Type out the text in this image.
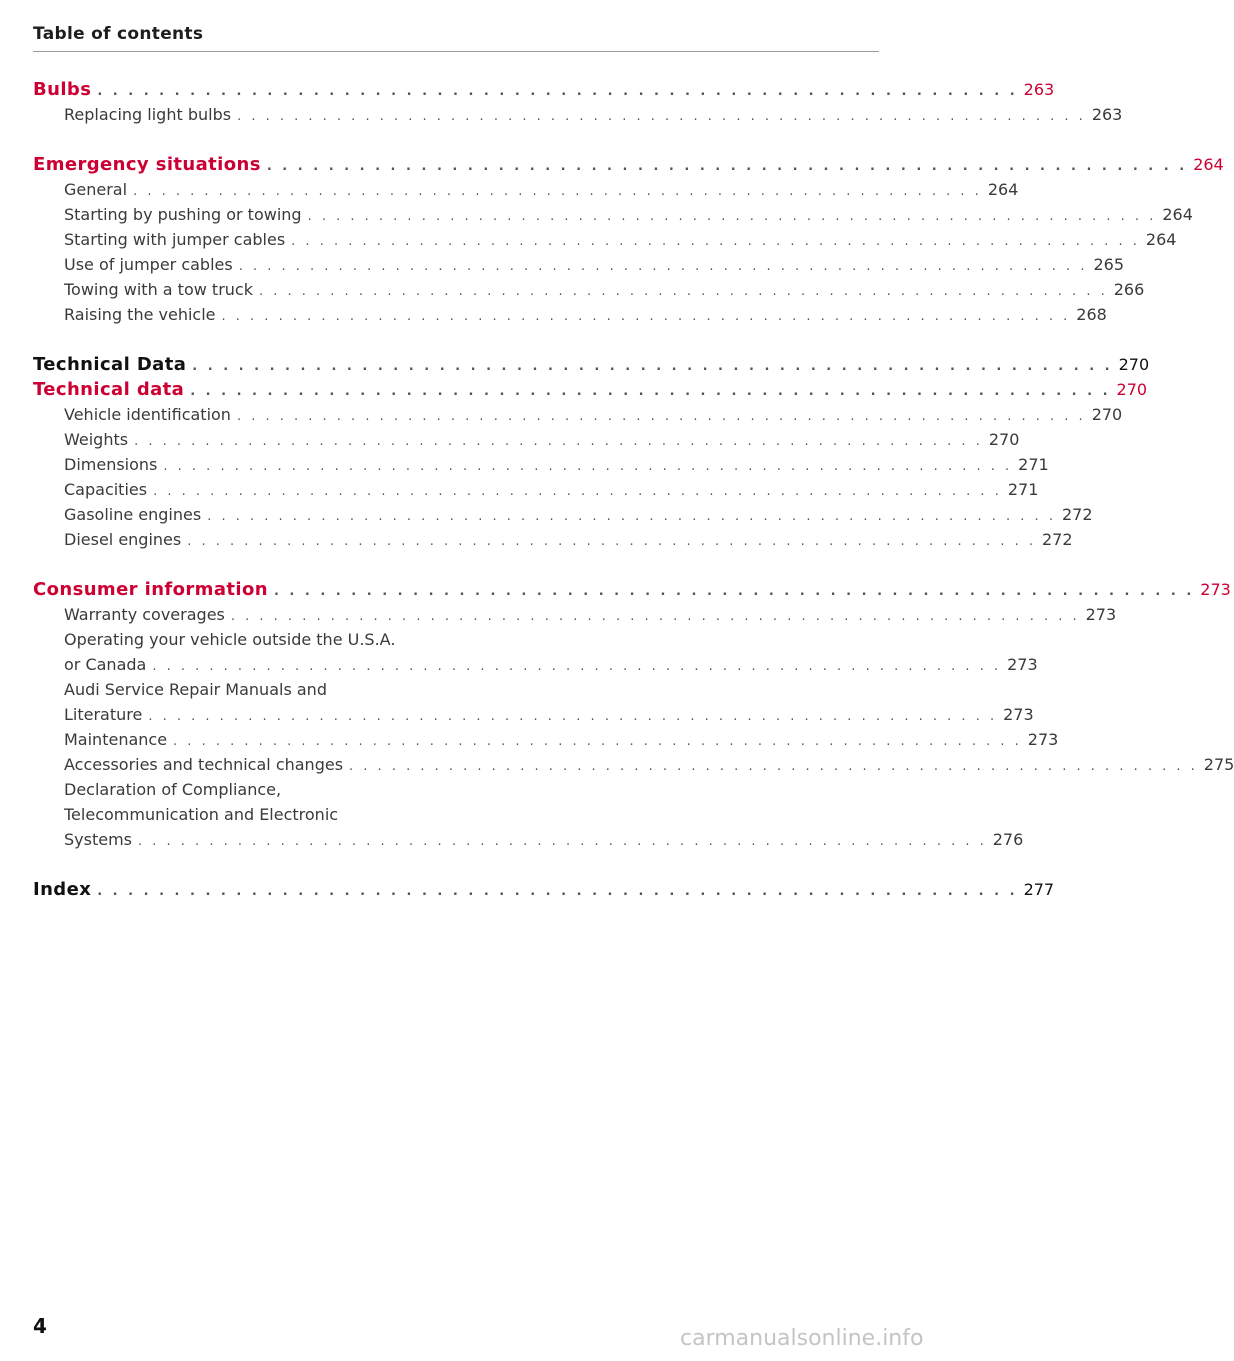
Table of contents
Bulbs . . . . . . . . . . . . . . . . . . . . . . . . . . . . . . . . . . . . . . . . . . . . . . . . . . . . . . . . . . . . 263
Replacing light bulbs . . . . . . . . . . . . . . . . . . . . . . . . . . . . . . . . . . . . . . . . . . . . . . . . . . . . . . . . . . . . 263
Emergency situations . . . . . . . . . . . . . . . . . . . . . . . . . . . . . . . . . . . . . . . . . . . . . . . . . . . . . . . . . . . . 264
General . . . . . . . . . . . . . . . . . . . . . . . . . . . . . . . . . . . . . . . . . . . . . . . . . . . . . . . . . . . . 264
Starting by pushing or towing . . . . . . . . . . . . . . . . . . . . . . . . . . . . . . . . . . . . . . . . . . . . . . . . . . . . . . . . . . . . 264
Starting with jumper cables . . . . . . . . . . . . . . . . . . . . . . . . . . . . . . . . . . . . . . . . . . . . . . . . . . . . . . . . . . . . 264
Use of jumper cables . . . . . . . . . . . . . . . . . . . . . . . . . . . . . . . . . . . . . . . . . . . . . . . . . . . . . . . . . . . . 265
Towing with a tow truck . . . . . . . . . . . . . . . . . . . . . . . . . . . . . . . . . . . . . . . . . . . . . . . . . . . . . . . . . . . . 266
Raising the vehicle . . . . . . . . . . . . . . . . . . . . . . . . . . . . . . . . . . . . . . . . . . . . . . . . . . . . . . . . . . . . 268
Technical Data . . . . . . . . . . . . . . . . . . . . . . . . . . . . . . . . . . . . . . . . . . . . . . . . . . . . . . . . . . . . 270
Technical data . . . . . . . . . . . . . . . . . . . . . . . . . . . . . . . . . . . . . . . . . . . . . . . . . . . . . . . . . . . . 270
Vehicle identification . . . . . . . . . . . . . . . . . . . . . . . . . . . . . . . . . . . . . . . . . . . . . . . . . . . . . . . . . . . . 270
Weights . . . . . . . . . . . . . . . . . . . . . . . . . . . . . . . . . . . . . . . . . . . . . . . . . . . . . . . . . . . . 270
Dimensions . . . . . . . . . . . . . . . . . . . . . . . . . . . . . . . . . . . . . . . . . . . . . . . . . . . . . . . . . . . . 271
Capacities . . . . . . . . . . . . . . . . . . . . . . . . . . . . . . . . . . . . . . . . . . . . . . . . . . . . . . . . . . . . 271
Gasoline engines . . . . . . . . . . . . . . . . . . . . . . . . . . . . . . . . . . . . . . . . . . . . . . . . . . . . . . . . . . . . 272
Diesel engines . . . . . . . . . . . . . . . . . . . . . . . . . . . . . . . . . . . . . . . . . . . . . . . . . . . . . . . . . . . . 272
Consumer information . . . . . . . . . . . . . . . . . . . . . . . . . . . . . . . . . . . . . . . . . . . . . . . . . . . . . . . . . . . . 273
Warranty coverages . . . . . . . . . . . . . . . . . . . . . . . . . . . . . . . . . . . . . . . . . . . . . . . . . . . . . . . . . . . . 273
Operating your vehicle outside the U.S.A.
or Canada . . . . . . . . . . . . . . . . . . . . . . . . . . . . . . . . . . . . . . . . . . . . . . . . . . . . . . . . . . . . 273
Audi Service Repair Manuals and
Literature . . . . . . . . . . . . . . . . . . . . . . . . . . . . . . . . . . . . . . . . . . . . . . . . . . . . . . . . . . . . 273
Maintenance . . . . . . . . . . . . . . . . . . . . . . . . . . . . . . . . . . . . . . . . . . . . . . . . . . . . . . . . . . . . 273
Accessories and technical changes . . . . . . . . . . . . . . . . . . . . . . . . . . . . . . . . . . . . . . . . . . . . . . . . . . . . . . . . . . . . 275
Declaration of Compliance,
Telecommunication and Electronic
Systems . . . . . . . . . . . . . . . . . . . . . . . . . . . . . . . . . . . . . . . . . . . . . . . . . . . . . . . . . . . . 276
Index . . . . . . . . . . . . . . . . . . . . . . . . . . . . . . . . . . . . . . . . . . . . . . . . . . . . . . . . . . . . 277
4	carmanualsonline.info
